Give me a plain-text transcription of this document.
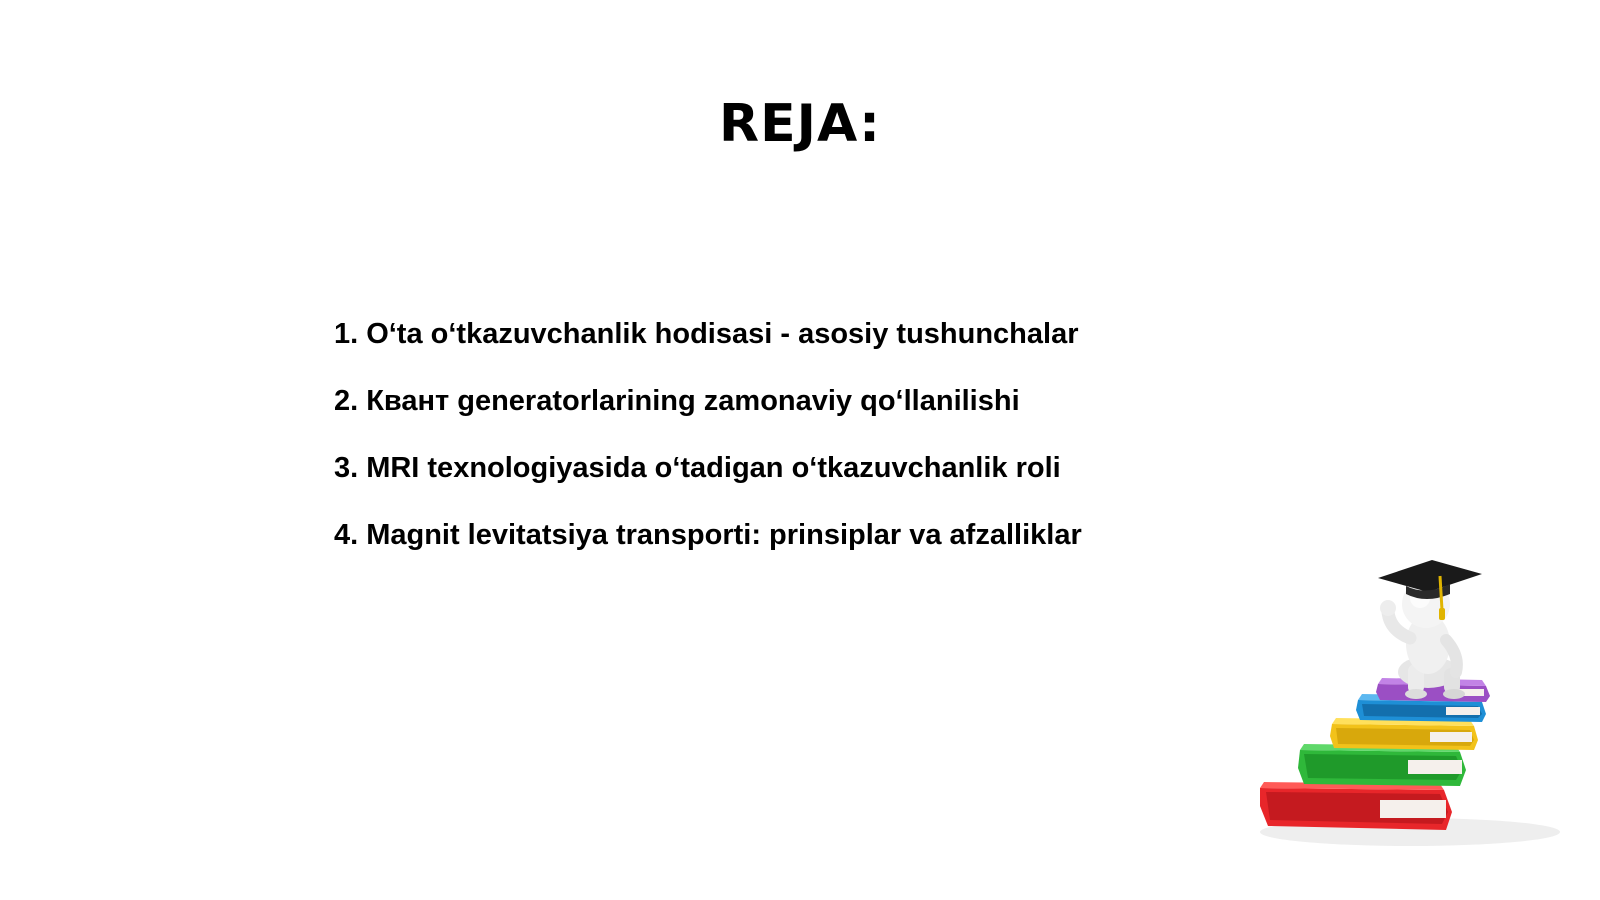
REJA:
1. O‘ta o‘tkazuvchanlik hodisasi - asosiy tushunchalar
2. Квант generatorlarining zamonaviy qo‘llanilishi
3. MRI texnologiyasida o‘tadigan o‘tkazuvchanlik roli
4. Magnit levitatsiya transporti: prinsiplar va afzalliklar
